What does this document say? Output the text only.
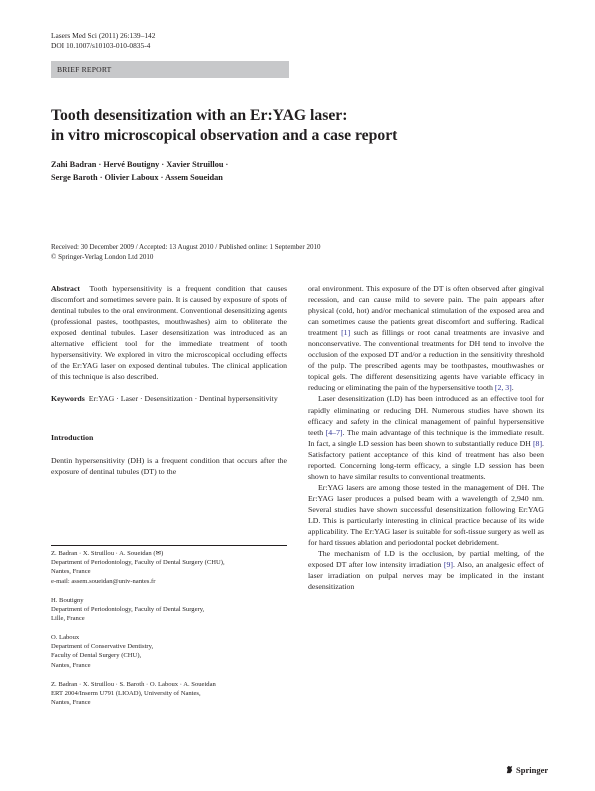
Lasers Med Sci (2011) 26:139–142
DOI 10.1007/s10103-010-0835-4
BRIEF REPORT
Tooth desensitization with an Er:YAG laser:
in vitro microscopical observation and a case report
Zahi Badran · Hervé Boutigny · Xavier Struillou ·
Serge Baroth · Olivier Laboux · Assem Soueidan
Received: 30 December 2009 / Accepted: 13 August 2010 / Published online: 1 September 2010
© Springer-Verlag London Ltd 2010

Abstract Tooth hypersensitivity is a frequent condition that causes discomfort and sometimes severe pain. It is caused by exposure of spots of dentinal tubules to the oral environment. Conventional desensitizing agents (professional pastes, toothpastes, mouthwashes) aim to obliterate the exposed dentinal tubules. Laser desensitization was introduced as an alternative efficient tool for the immediate treatment of tooth hypersensitivity. We explored in vitro the microscopical occluding effects of the Er:YAG laser on exposed dentinal tubules. The clinical application of this technique is also described.

Keywords Er:YAG · Laser · Desensitization · Dentinal hypersensitivity

Introduction

Dentin hypersensitivity (DH) is a frequent condition that occurs after the exposure of dentinal tubules (DT) to the

Z. Badran · X. Struillou · A. Soueidan (✉)
Department of Periodontology, Faculty of Dental Surgery (CHU),
Nantes, France
e-mail: assem.soueidan@univ-nantes.fr
H. Boutigny
Department of Periodontology, Faculty of Dental Surgery,
Lille, France
O. Laboux
Department of Conservative Dentistry,
Faculty of Dental Surgery (CHU),
Nantes, France
Z. Badran · X. Struillou · S. Baroth · O. Laboux · A. Soueidan
ERT 2004/Inserm U791 (LIOAD), University of Nantes,
Nantes, France

oral environment. This exposure of the DT is often observed after gingival recession, and can cause mild to severe pain. The pain appears after physical (cold, hot) and/or mechanical stimulation of the exposed area and can sometimes cause the patients great discomfort and suffering. Radical treatment [1] such as fillings or root canal treatments are invasive and nonconservative. The conventional treatments for DH tend to involve the occlusion of the exposed DT and/or a reduction in the sensitivity threshold of the pulp. The prescribed agents may be toothpastes, mouthwashes or topical gels. The different desensitizing agents have variable efficacy in reducing or eliminating the pain of the hypersensitive tooth [2, 3].

Laser desensitization (LD) has been introduced as an effective tool for rapidly eliminating or reducing DH. Numerous studies have shown its efficacy and safety in the clinical management of painful hypersensitive teeth [4–7]. The main advantage of this technique is the immediate result. In fact, a single LD session has been shown to substantially reduce DH [8]. Satisfactory patient acceptance of this kind of treatment has also been reported. Concerning long-term efficacy, a single LD session has been shown to have similar results to conventional treatments.

Er:YAG lasers are among those tested in the management of DH. The Er:YAG laser produces a pulsed beam with a wavelength of 2,940 nm. Several studies have shown successful desensitization following Er:YAG LD. This is particularly interesting in clinical practice because of its wide applicability. The Er:YAG laser is suitable for soft-tissue surgery as well as for hard tissues ablation and periodontal pocket debridement.

The mechanism of LD is the occlusion, by partial melting, of the exposed DT after low intensity irradiation [9]. Also, an analgesic effect of laser irradiation on pulpal nerves may be implicated in the instant desensitization

Springer
